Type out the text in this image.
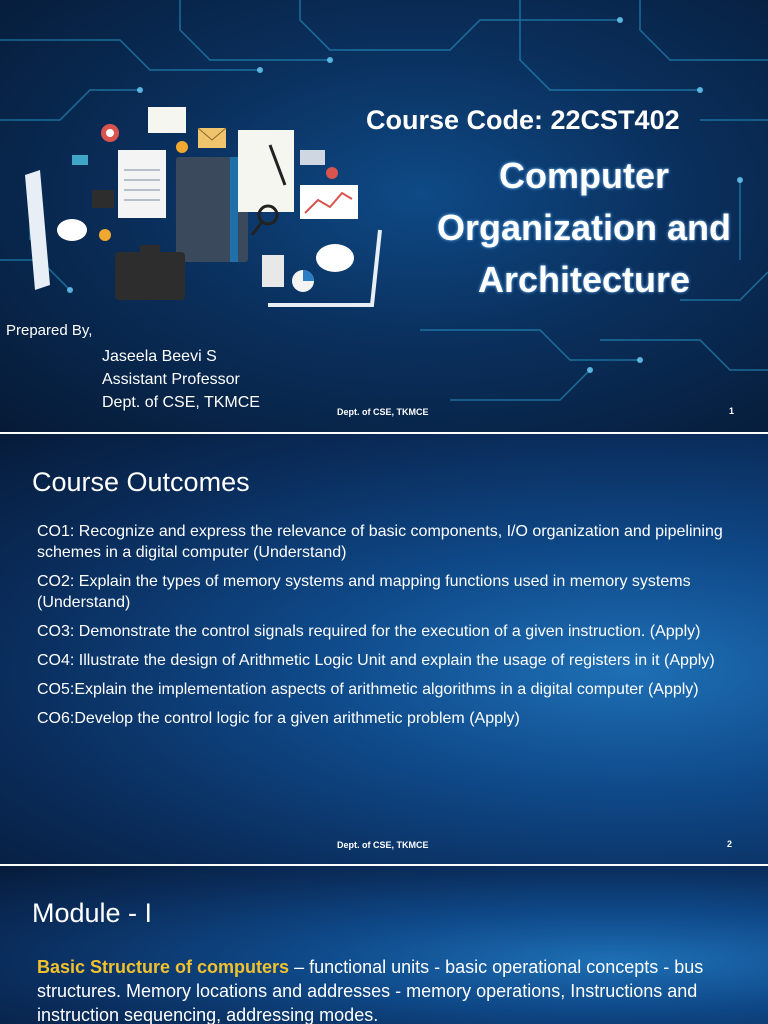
Course Code: 22CST402
Computer
Organization and
Architecture
Prepared By,
Jaseela Beevi S
Assistant Professor
Dept. of CSE, TKMCE
Dept. of CSE, TKMCE	1
Course Outcomes
CO1: Recognize and express the relevance of basic components, I/O organization and pipelining schemes in a digital computer (Understand)
CO2: Explain the types of memory systems and mapping functions used in memory systems (Understand)
CO3: Demonstrate the control signals required for the execution of a given instruction. (Apply)
CO4: Illustrate the design of Arithmetic Logic Unit and explain the usage of registers in it (Apply)
CO5:Explain the implementation aspects of arithmetic algorithms in a digital computer (Apply)
CO6:Develop the control logic for a given arithmetic problem (Apply)
Dept. of CSE, TKMCE	2
Module - I
Basic Structure of computers – functional units - basic operational concepts - bus structures. Memory locations and addresses - memory operations, Instructions and instruction sequencing, addressing modes.
